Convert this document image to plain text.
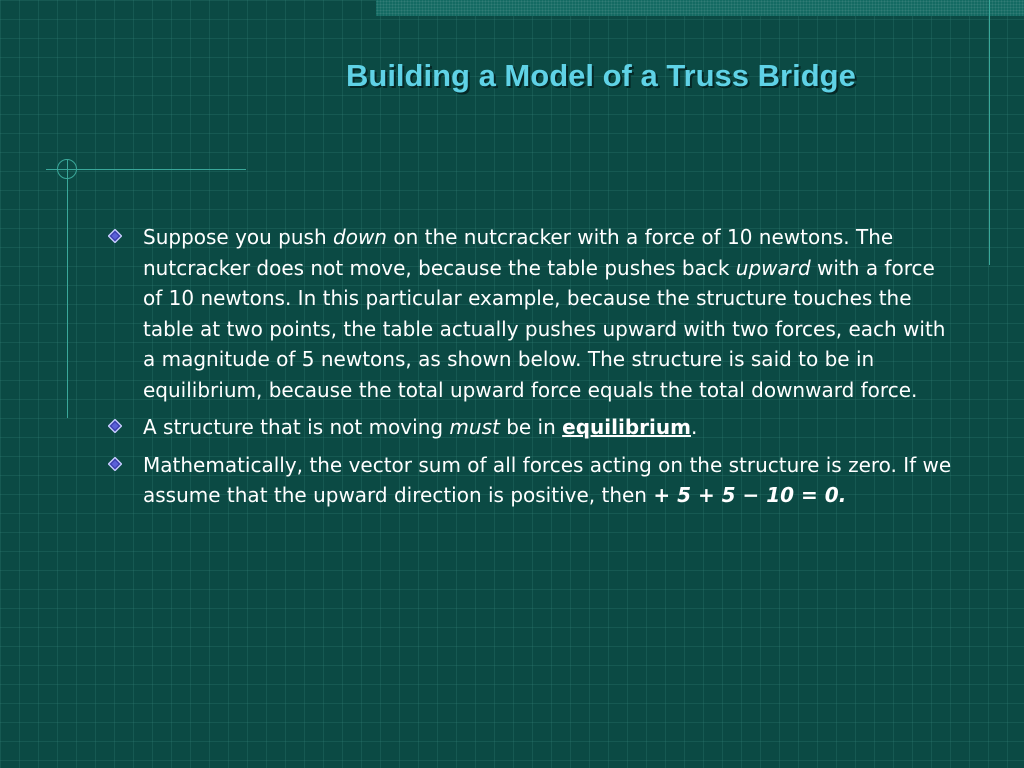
Building a Model of a Truss Bridge
Suppose you push down on the nutcracker with a force of 10 newtons. The nutcracker does not move, because the table pushes back upward with a force of 10 newtons. In this particular example, because the structure touches the table at two points, the table actually pushes upward with two forces, each with a magnitude of 5 newtons, as shown below. The structure is said to be in equilibrium, because the total upward force equals the total downward force.
A structure that is not moving must be in equilibrium.
Mathematically, the vector sum of all forces acting on the structure is zero. If we assume that the upward direction is positive, then + 5 + 5 − 10 = 0.
